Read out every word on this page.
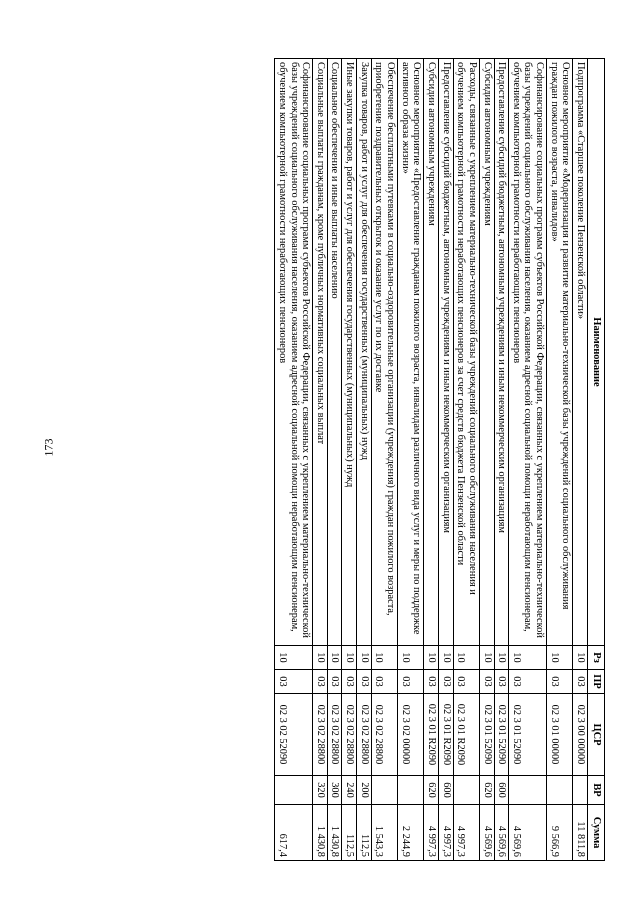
173
Наименование	Рз	ПР	ЦСР	ВР	Сумма
Подпрограмма «Старшее поколение Пензенской области»	10	03	02 3 00 00000		11 811,8
Основное мероприятие «Модернизация и развитие материально-технической базы учреждений социального обслуживания граждан пожилого возраста, инвалидов»	10	03	02 3 01 00000		9 566,9
Софинансирование социальных программ субъектов Российской Федерации, связанных с укреплением материально-технической базы учреждений социального обслуживания населения, оказанием адресной социальной помощи неработающим пенсионерам, обучением компьютерной грамотности неработающих пенсионеров	10	03	02 3 01 52090		4 569,6
Предоставление субсидий бюджетным, автономным учреждениям и иным некоммерческим организациям	10	03	02 3 01 52090	600	4 569,6
Субсидии автономным учреждениям	10	03	02 3 01 52090	620	4 569,6
Расходы, связанные с укреплением материально-технической базы учреждений социального обслуживания населения и обучением компьютерной грамотности неработающих пенсионеров за счет средств бюджета Пензенской области	10	03	02 3 01 R2090		4 997,3
Предоставление субсидий бюджетным, автономным учреждениям и иным некоммерческим организациям	10	03	02 3 01 R2090	600	4 997,3
Субсидии автономным учреждениям	10	03	02 3 01 R2090	620	4 997,3
Основное мероприятие «Предоставление гражданам пожилого возраста, инвалидам различного вида услуг и меры по поддержке активного образа жизни»	10	03	02 3 02 00000		2 244,9
Обеспечение бесплатными путевками в социально-оздоровительные организации (учреждения) граждан пожилого возраста, приобретение поздравительных открыток и оказание услуг по их доставке	10	03	02 3 02 28800		1 543,3
Закупка товаров, работ и услуг для обеспечения государственных (муниципальных) нужд	10	03	02 3 02 28800	200	112,5
Иные закупки товаров, работ и услуг для обеспечения государственных (муниципальных) нужд	10	03	02 3 02 28800	240	112,5
Социальное обеспечение и иные выплаты населению	10	03	02 3 02 28800	300	1 430,8
Социальные выплаты гражданам, кроме публичных нормативных социальных выплат	10	03	02 3 02 28800	320	1 430,8
Софинансирование социальных программ субъектов Российской Федерации, связанных с укреплением материально-технической базы учреждений социального обслуживания населения, оказанием адресной социальной помощи неработающим пенсионерам, обучением компьютерной грамотности неработающих пенсионеров	10	03	02 3 02 52090		617,4
